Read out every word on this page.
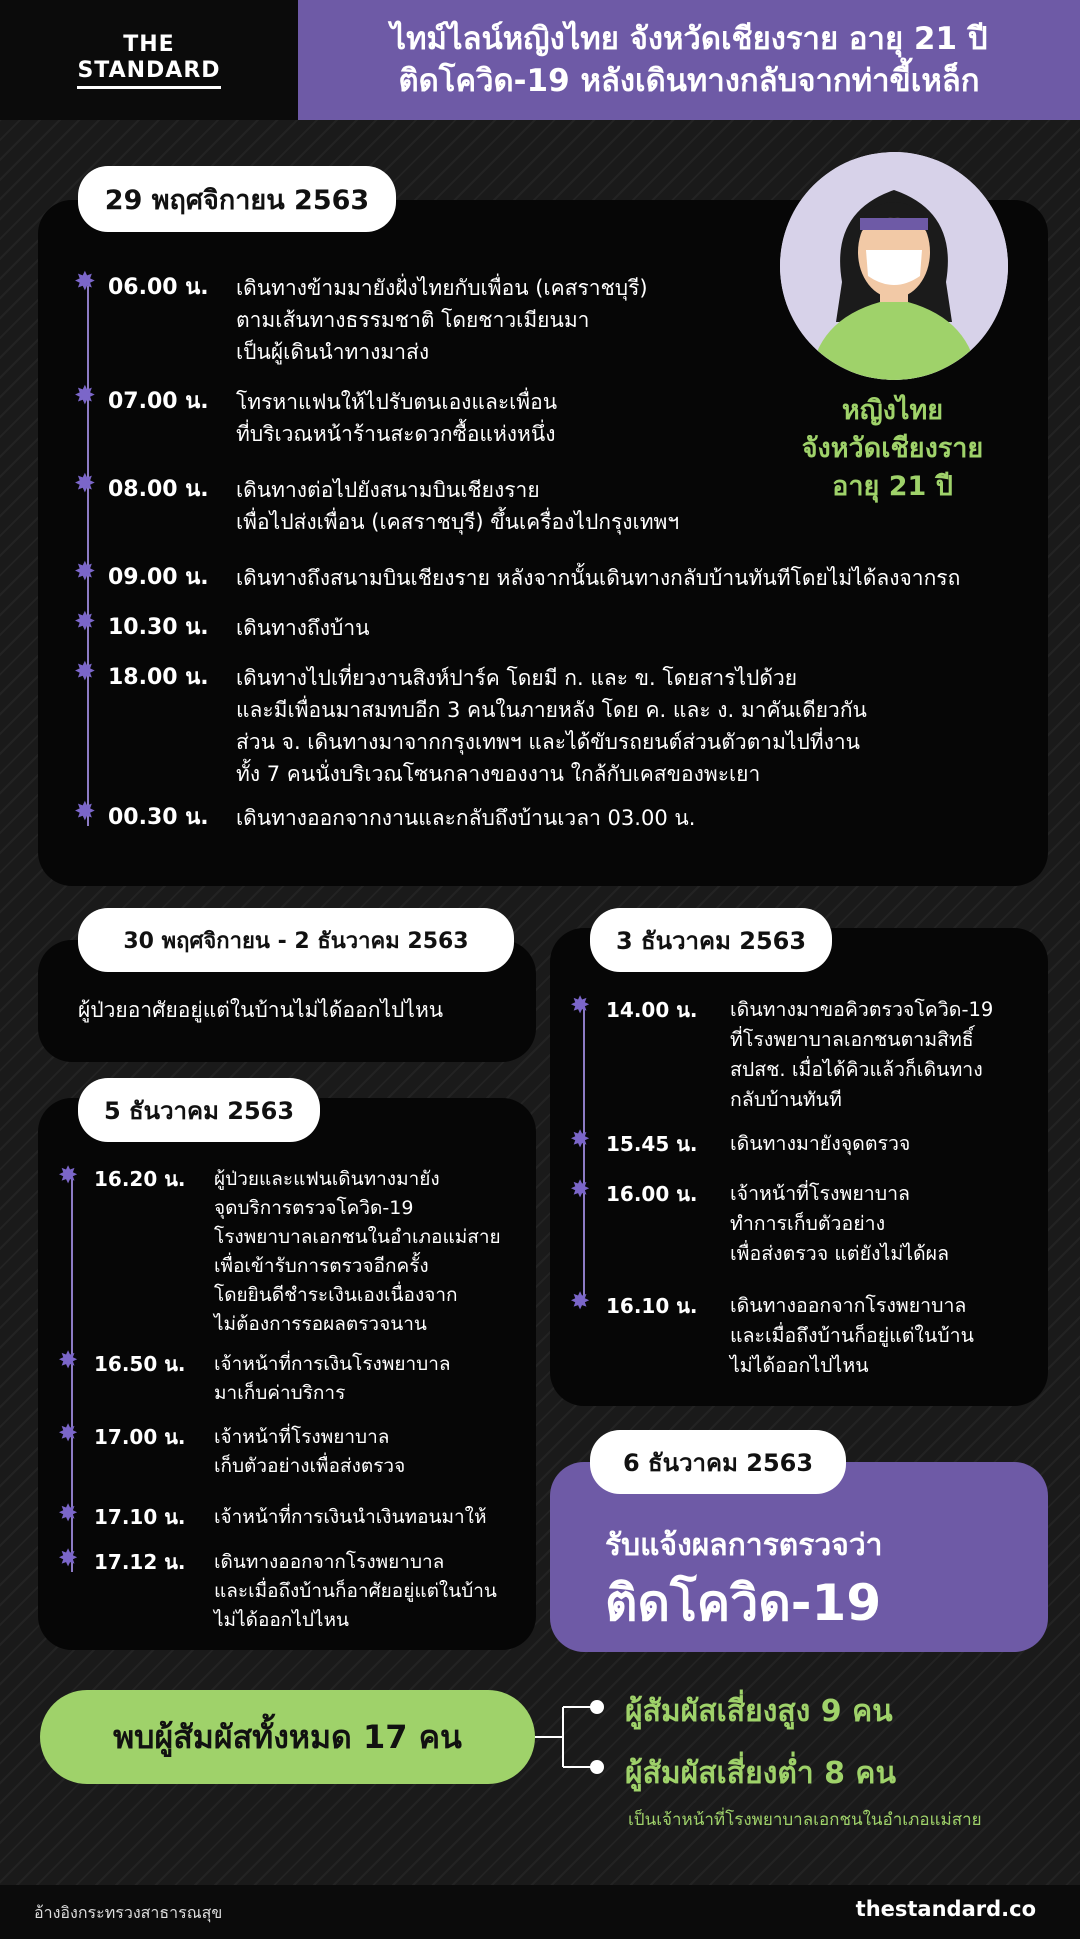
THE
STANDARD
ไทม์ไลน์หญิงไทย จังหวัดเชียงราย อายุ 21 ปี
ติดโควิด-19 หลังเดินทางกลับจากท่าขี้เหล็ก
29 พฤศจิกายน 2563
✸ 06.00 น. เดินทางข้ามมายังฝั่งไทยกับเพื่อน (เคสราชบุรี)
ตามเส้นทางธรรมชาติ โดยชาวเมียนมา
เป็นผู้เดินนำทางมาส่ง
✸ 07.00 น. โทรหาแฟนให้ไปรับตนเองและเพื่อน
ที่บริเวณหน้าร้านสะดวกซื้อแห่งหนึ่ง
✸ 08.00 น. เดินทางต่อไปยังสนามบินเชียงราย
เพื่อไปส่งเพื่อน (เคสราชบุรี) ขึ้นเครื่องไปกรุงเทพฯ
✸ 09.00 น. เดินทางถึงสนามบินเชียงราย หลังจากนั้นเดินทางกลับบ้านทันทีโดยไม่ได้ลงจากรถ
✸ 10.30 น. เดินทางถึงบ้าน
✸ 18.00 น. เดินทางไปเที่ยวงานสิงห์ปาร์ค โดยมี ก. และ ข. โดยสารไปด้วย
และมีเพื่อนมาสมทบอีก 3 คนในภายหลัง โดย ค. และ ง. มาคันเดียวกัน
ส่วน จ. เดินทางมาจากกรุงเทพฯ และได้ขับรถยนต์ส่วนตัวตามไปที่งาน
ทั้ง 7 คนนั่งบริเวณโซนกลางของงาน ใกล้กับเคสของพะเยา
✸ 00.30 น. เดินทางออกจากงานและกลับถึงบ้านเวลา 03.00 น.
หญิงไทย
จังหวัดเชียงราย
อายุ 21 ปี
ผู้ป่วยอาศัยอยู่แต่ในบ้านไม่ได้ออกไปไหน
30 พฤศจิกายน - 2 ธันวาคม 2563
5 ธันวาคม 2563
✸ 16.20 น. ผู้ป่วยและแฟนเดินทางมายัง
จุดบริการตรวจโควิด-19
โรงพยาบาลเอกชนในอำเภอแม่สาย
เพื่อเข้ารับการตรวจอีกครั้ง
โดยยินดีชำระเงินเองเนื่องจาก
ไม่ต้องการรอผลตรวจนาน
✸ 16.50 น. เจ้าหน้าที่การเงินโรงพยาบาล
มาเก็บค่าบริการ
✸ 17.00 น. เจ้าหน้าที่โรงพยาบาล
เก็บตัวอย่างเพื่อส่งตรวจ
✸ 17.10 น. เจ้าหน้าที่การเงินนำเงินทอนมาให้
✸ 17.12 น. เดินทางออกจากโรงพยาบาล
และเมื่อถึงบ้านก็อาศัยอยู่แต่ในบ้าน
ไม่ได้ออกไปไหน
3 ธันวาคม 2563
✸ 14.00 น. เดินทางมาขอคิวตรวจโควิด-19
ที่โรงพยาบาลเอกชนตามสิทธิ์
สปสช. เมื่อได้คิวแล้วก็เดินทาง
กลับบ้านทันที
✸ 15.45 น. เดินทางมายังจุดตรวจ
✸ 16.00 น. เจ้าหน้าที่โรงพยาบาล
ทำการเก็บตัวอย่าง
เพื่อส่งตรวจ แต่ยังไม่ได้ผล
✸ 16.10 น. เดินทางออกจากโรงพยาบาล
และเมื่อถึงบ้านก็อยู่แต่ในบ้าน
ไม่ได้ออกไปไหน
รับแจ้งผลการตรวจว่า
ติดโควิด-19
6 ธันวาคม 2563
พบผู้สัมผัสทั้งหมด 17 คน
ผู้สัมผัสเสี่ยงสูง 9 คน
ผู้สัมผัสเสี่ยงต่ำ 8 คน
เป็นเจ้าหน้าที่โรงพยาบาลเอกชนในอำเภอแม่สาย
อ้างอิงกระทรวงสาธารณสุข	thestandard.co
